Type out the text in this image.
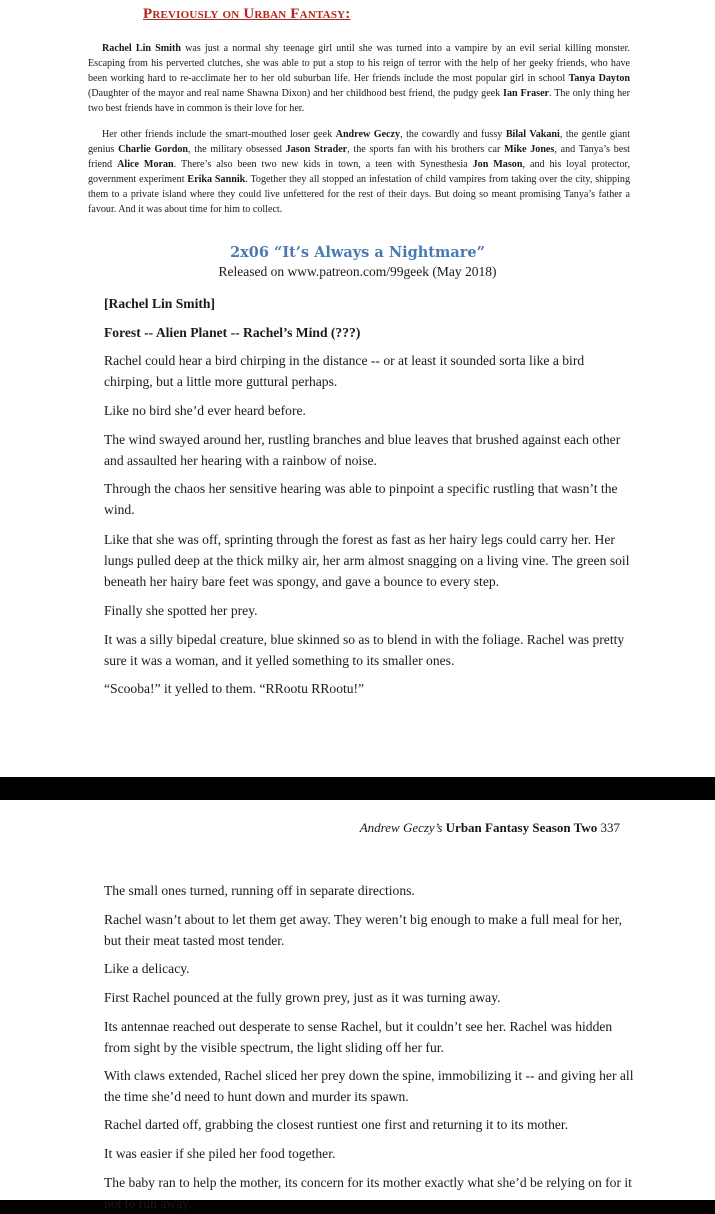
Previously on Urban Fantasy:

Rachel Lin Smith was just a normal shy teenage girl until she was turned into a vampire by an evil serial killing monster. Escaping from his perverted clutches, she was able to put a stop to his reign of terror with the help of her geeky friends, who have been working hard to re-acclimate her to her old suburban life. Her friends include the most popular girl in school Tanya Dayton (Daughter of the mayor and real name Shawna Dixon) and her childhood best friend, the pudgy geek Ian Fraser. The only thing her two best friends have in common is their love for her.

Her other friends include the smart-mouthed loser geek Andrew Geczy, the cowardly and fussy Bilal Vakani, the gentle giant genius Charlie Gordon, the military obsessed Jason Strader, the sports fan with his brothers car Mike Jones, and Tanya’s best friend Alice Moran. There’s also been two new kids in town, a teen with Synesthesia Jon Mason, and his loyal protector, government experiment Erika Sannik. Together they all stopped an infestation of child vampires from taking over the city, shipping them to a private island where they could live unfettered for the rest of their days. But doing so meant promising Tanya’s father a favour. And it was about time for him to collect.

2x06 “It’s Always a Nightmare”

Released on www.patreon.com/99geek (May 2018)

[Rachel Lin Smith]

Forest -- Alien Planet -- Rachel’s Mind (???)

Rachel could hear a bird chirping in the distance -- or at least it sounded sorta like a bird chirping, but a little more guttural perhaps.

Like no bird she’d ever heard before.

The wind swayed around her, rustling branches and blue leaves that brushed against each other and assaulted her hearing with a rainbow of noise.

Through the chaos her sensitive hearing was able to pinpoint a specific rustling that wasn’t the wind.

Like that she was off, sprinting through the forest as fast as her hairy legs could carry her. Her lungs pulled deep at the thick milky air, her arm almost snagging on a living vine. The green soil beneath her hairy bare feet was spongy, and gave a bounce to every step.

Finally she spotted her prey.

It was a silly bipedal creature, blue skinned so as to blend in with the foliage. Rachel was pretty sure it was a woman, and it yelled something to its smaller ones.

“Scooba!” it yelled to them. “RRootu RRootu!”

Andrew Geczy’s Urban Fantasy Season Two 337

The small ones turned, running off in separate directions.

Rachel wasn’t about to let them get away. They weren’t big enough to make a full meal for her, but their meat tasted most tender.

Like a delicacy.

First Rachel pounced at the fully grown prey, just as it was turning away.

Its antennae reached out desperate to sense Rachel, but it couldn’t see her. Rachel was hidden from sight by the visible spectrum, the light sliding off her fur.

With claws extended, Rachel sliced her prey down the spine, immobilizing it -- and giving her all the time she’d need to hunt down and murder its spawn.

Rachel darted off, grabbing the closest runtiest one first and returning it to its mother.

It was easier if she piled her food together.

The baby ran to help the mother, its concern for its mother exactly what she’d be relying on for it not to run away.
